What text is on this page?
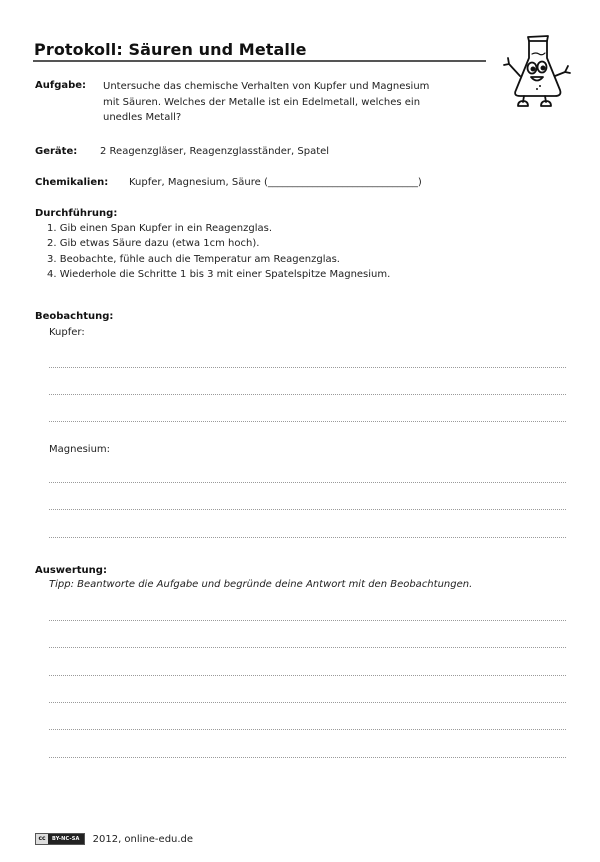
Protokoll: Säuren und Metalle
Aufgabe: Untersuche das chemische Verhalten von Kupfer und Magnesium
mit Säuren. Welches der Metalle ist ein Edelmetall, welches ein
unedles Metall?
Geräte: 2 Reagenzgläser, Reagenzglasständer, Spatel
Chemikalien: Kupfer, Magnesium, Säure (______________________________)
Durchführung:
1. Gib einen Span Kupfer in ein Reagenzglas.
2. Gib etwas Säure dazu (etwa 1cm hoch).
3. Beobachte, fühle auch die Temperatur am Reagenzglas.
4. Wiederhole die Schritte 1 bis 3 mit einer Spatelspitze Magnesium.
Beobachtung:
Kupfer:
Magnesium:
Auswertung:
Tipp: Beantworte die Aufgabe und begründe deine Antwort mit den Beobachtungen.
cc	BY-NC-SA	2012, online-edu.de
